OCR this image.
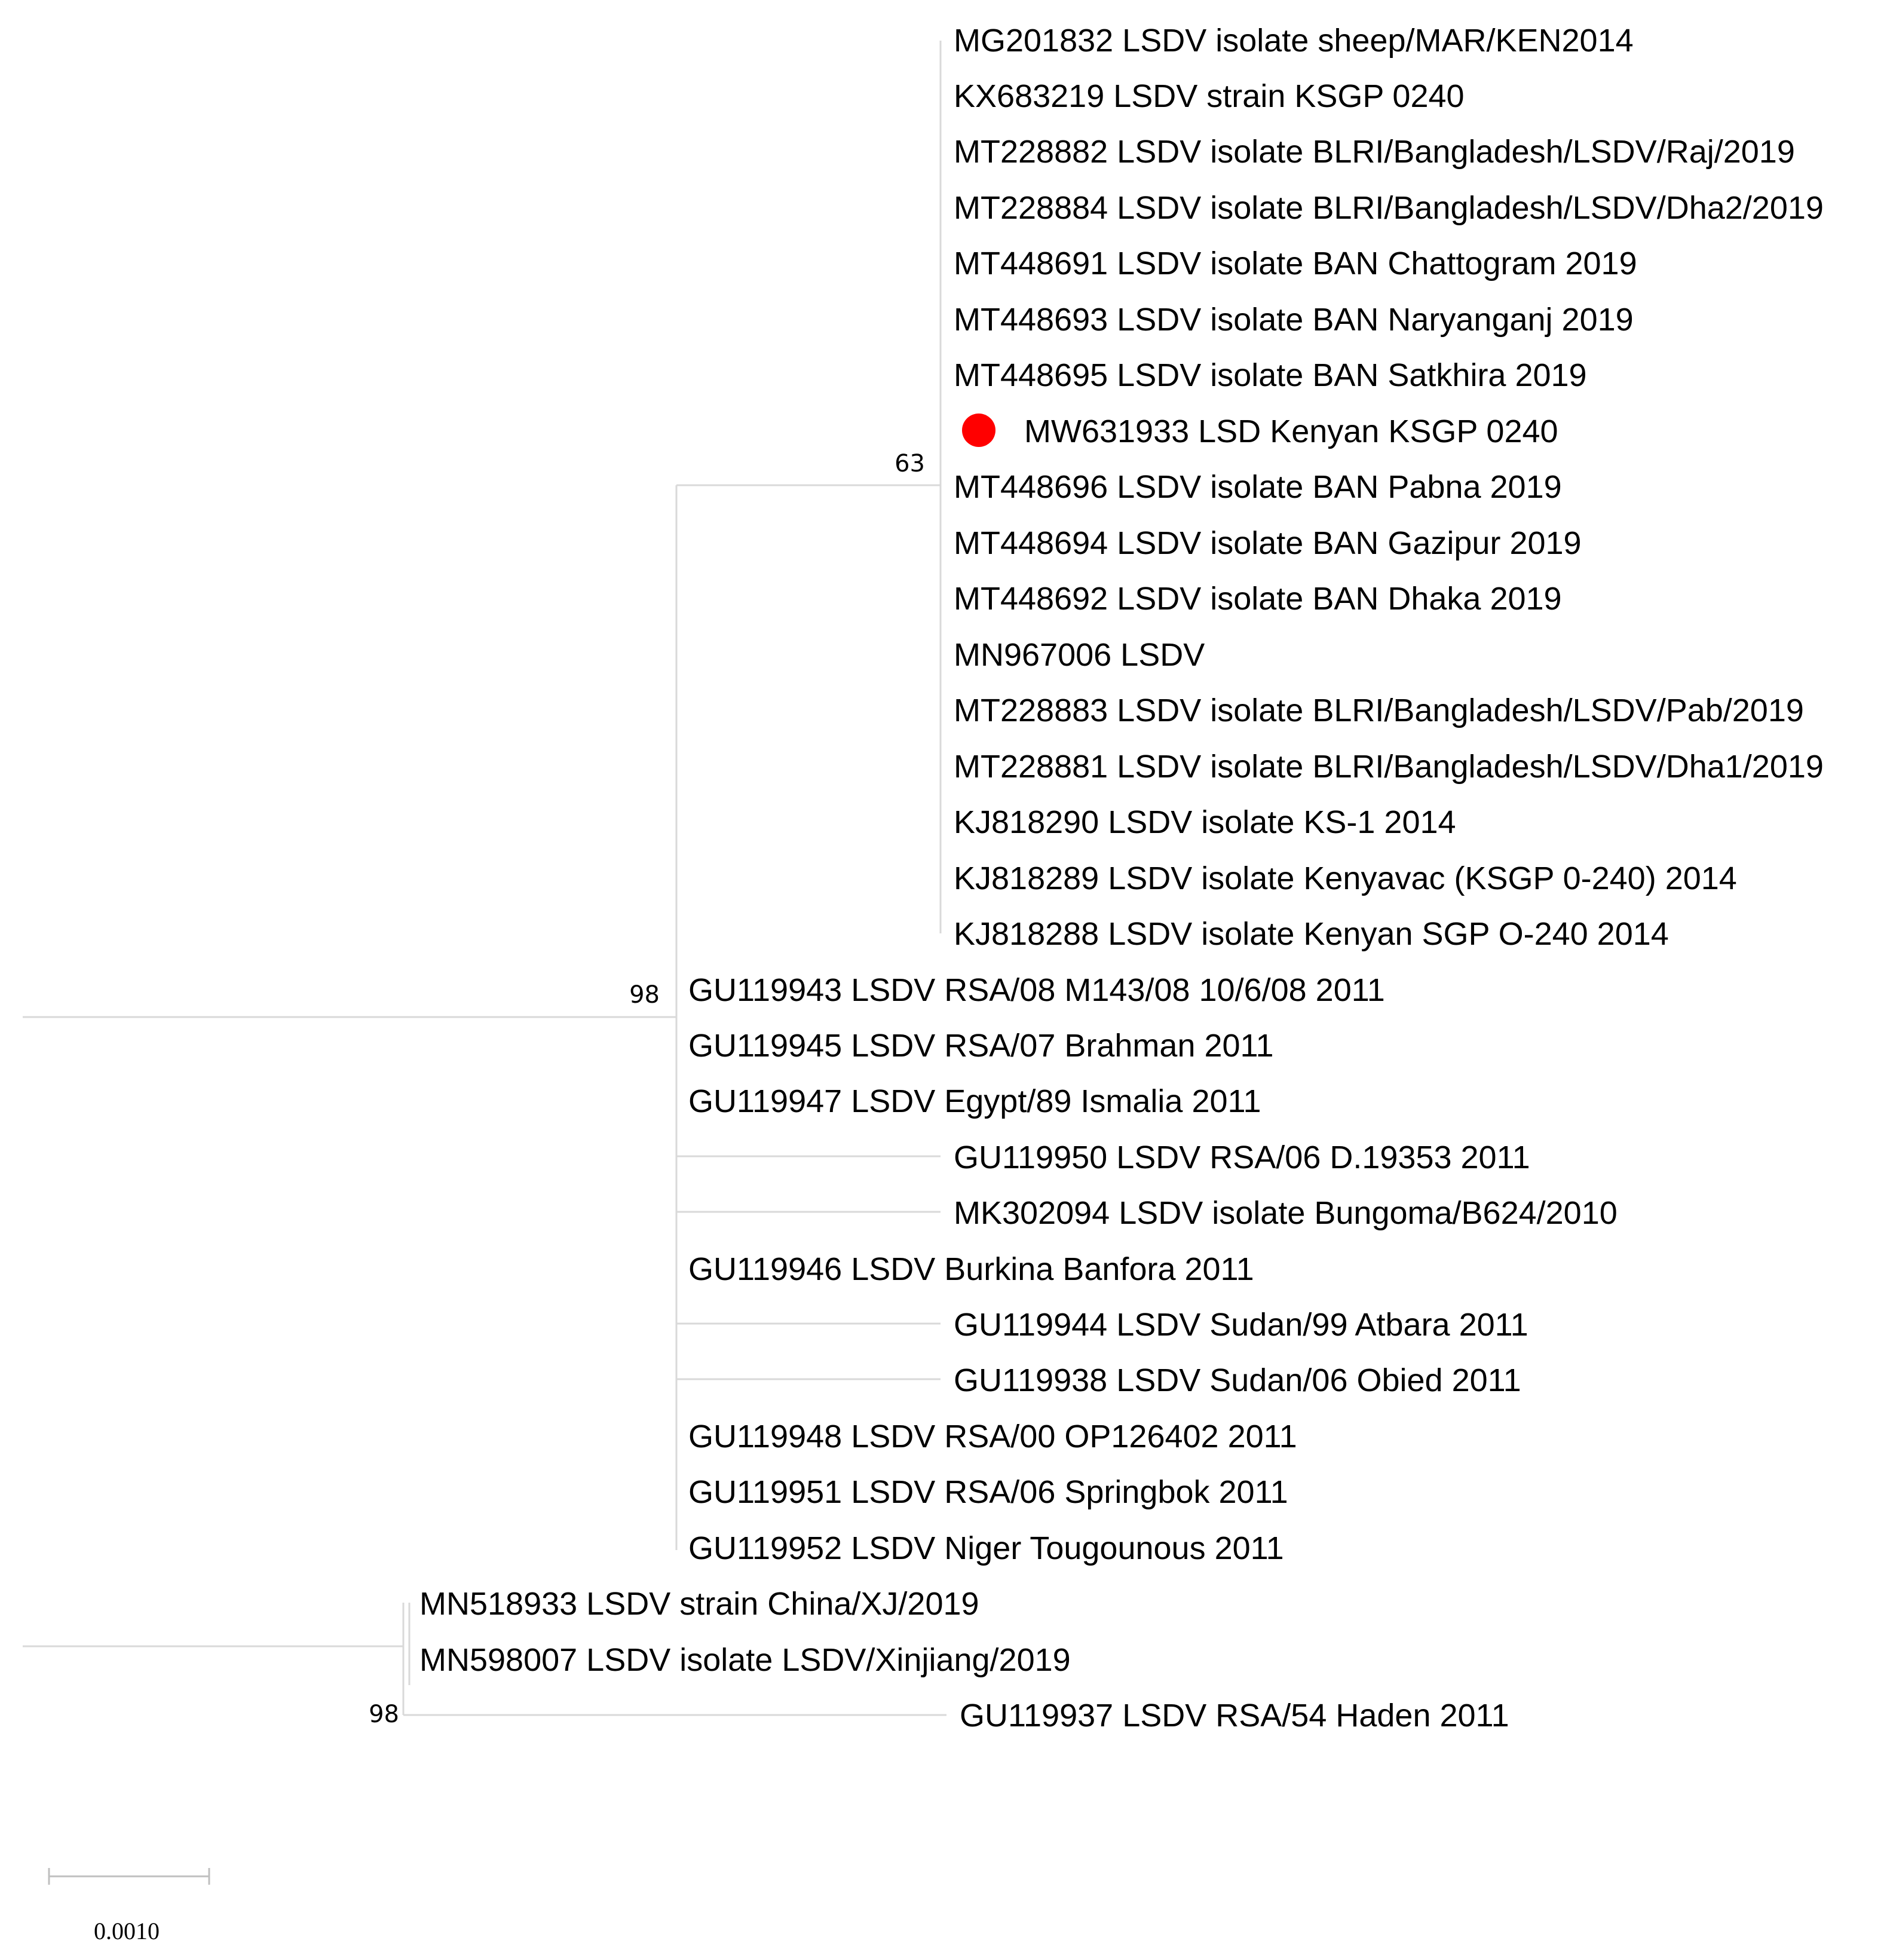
98
63
MG201832 LSDV isolate sheep/MAR/KEN2014
KX683219 LSDV strain KSGP 0240
MT228882 LSDV isolate BLRI/Bangladesh/LSDV/Raj/2019
MT228884 LSDV isolate BLRI/Bangladesh/LSDV/Dha2/2019
MT448691 LSDV isolate BAN Chattogram 2019
MT448693 LSDV isolate BAN Naryanganj 2019
MT448695 LSDV isolate BAN Satkhira 2019
MW631933 LSD Kenyan KSGP 0240
MT448696 LSDV isolate BAN Pabna 2019
MT448694 LSDV isolate BAN Gazipur 2019
MT448692 LSDV isolate BAN Dhaka 2019
MN967006 LSDV
MT228883 LSDV isolate BLRI/Bangladesh/LSDV/Pab/2019
MT228881 LSDV isolate BLRI/Bangladesh/LSDV/Dha1/2019
KJ818290 LSDV isolate KS-1 2014
KJ818289 LSDV isolate Kenyavac (KSGP 0-240) 2014
KJ818288 LSDV isolate Kenyan SGP O-240 2014
GU119943 LSDV RSA/08 M143/08 10/6/08 2011
GU119945 LSDV RSA/07 Brahman 2011
GU119947 LSDV Egypt/89 Ismalia 2011
GU119950 LSDV RSA/06 D.19353 2011
MK302094 LSDV isolate Bungoma/B624/2010
GU119946 LSDV Burkina Banfora 2011
GU119944 LSDV Sudan/99 Atbara 2011
GU119938 LSDV Sudan/06 Obied 2011
GU119948 LSDV RSA/00 OP126402 2011
GU119951 LSDV RSA/06 Springbok 2011
GU119952 LSDV Niger Tougounous 2011
98
MN518933 LSDV strain China/XJ/2019
MN598007 LSDV isolate LSDV/Xinjiang/2019
GU119937 LSDV RSA/54 Haden 2011
0.0010
